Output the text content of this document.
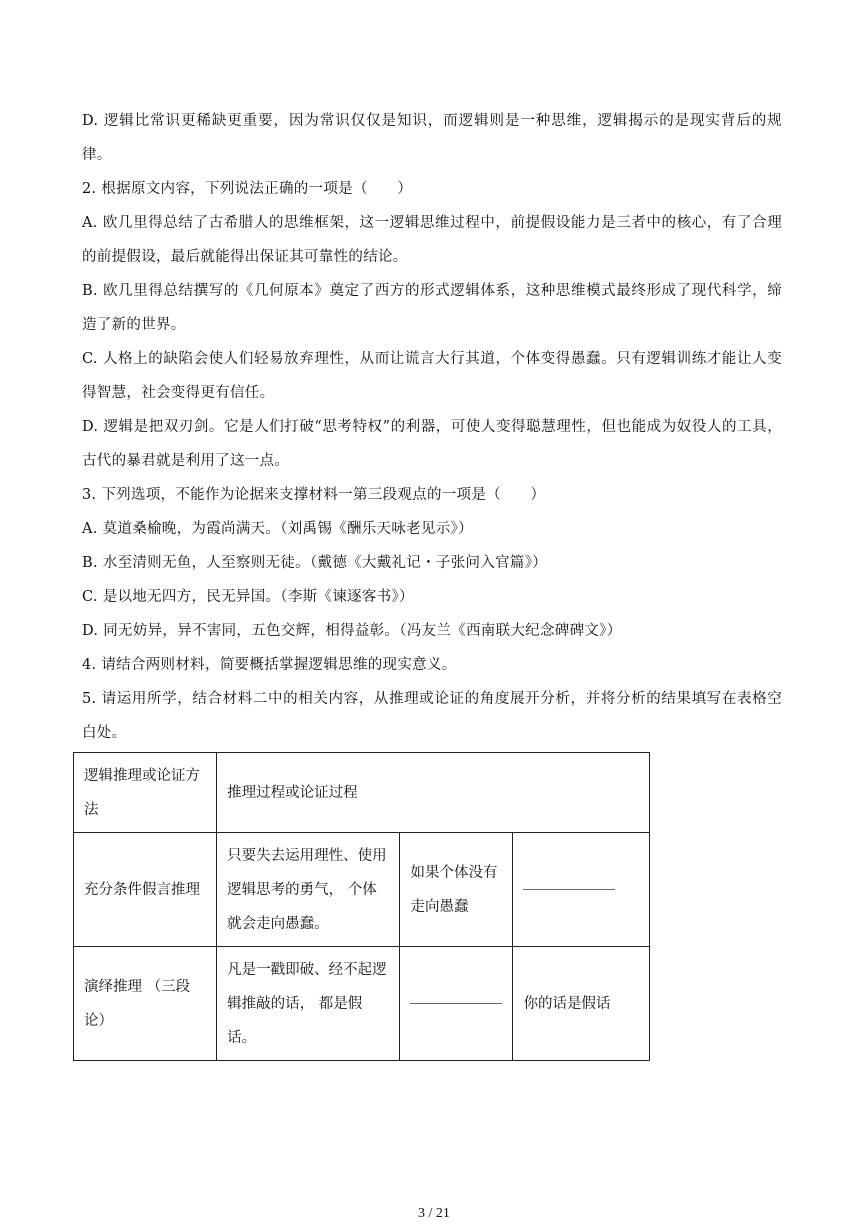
D. 逻辑比常识更稀缺更重要，因为常识仅仅是知识，而逻辑则是一种思维，逻辑揭示的是现实背后的规律。

2. 根据原文内容，下列说法正确的一项是（　　）

A. 欧几里得总结了古希腊人的思维框架，这一逻辑思维过程中，前提假设能力是三者中的核心，有了合理的前提假设，最后就能得出保证其可靠性的结论。

B. 欧几里得总结撰写的《几何原本》奠定了西方的形式逻辑体系，这种思维模式最终形成了现代科学，缔造了新的世界。

C. 人格上的缺陷会使人们轻易放弃理性，从而让谎言大行其道，个体变得愚蠢。只有逻辑训练才能让人变得智慧，社会变得更有信任。

D. 逻辑是把双刃剑。它是人们打破“思考特权”的利器，可使人变得聪慧理性，但也能成为奴役人的工具，古代的暴君就是利用了这一点。

3. 下列选项，不能作为论据来支撑材料一第三段观点的一项是（　　）

A. 莫道桑榆晚，为霞尚满天。（刘禹锡《酬乐天咏老见示》）

B. 水至清则无鱼，人至察则无徒。（戴德《大戴礼记・子张问入官篇》）

C. 是以地无四方，民无异国。（李斯《谏逐客书》）

D. 同无妨异，异不害同，五色交辉，相得益彰。（冯友兰《西南联大纪念碑碑文》）

4. 请结合两则材料，简要概括掌握逻辑思维的现实意义。

5. 请运用所学，结合材料二中的相关内容，从推理或论证的角度展开分析，并将分析的结果填写在表格空白处。

逻辑推理或论证方法	推理过程或论证过程		
充分条件假言推理	只要失去运用理性、使用逻辑思考的勇气， 个体就会走向愚蠢。	如果个体没有走向愚蠢	

演绎推理 （三段论）	凡是一戳即破、经不起逻辑推敲的话， 都是假话。		你的话是假话
3 / 21
